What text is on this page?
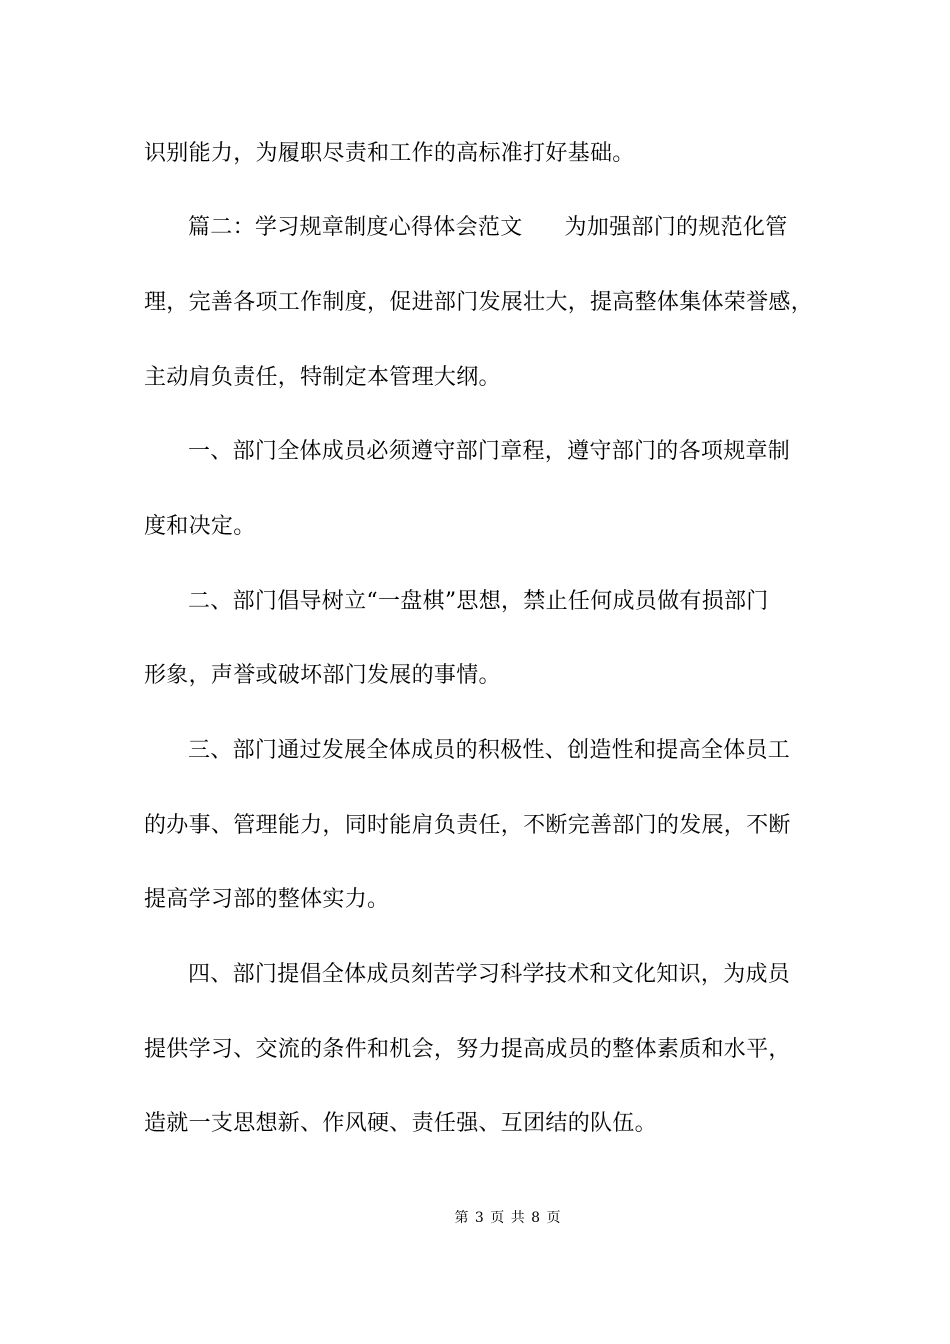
识别能力，为履职尽责和工作的高标准打好基础。
篇二：学习规章制度心得体会范文 为加强部门的规范化管
理，完善各项工作制度，促进部门发展壮大，提高整体集体荣誉感，
主动肩负责任，特制定本管理大纲。
一、部门全体成员必须遵守部门章程，遵守部门的各项规章制
度和决定。
二、部门倡导树立“一盘棋”思想，禁止任何成员做有损部门
形象，声誉或破坏部门发展的事情。
三、部门通过发展全体成员的积极性、创造性和提高全体员工
的办事、管理能力，同时能肩负责任，不断完善部门的发展，不断
提高学习部的整体实力。
四、部门提倡全体成员刻苦学习科学技术和文化知识，为成员
提供学习、交流的条件和机会，努力提高成员的整体素质和水平，
造就一支思想新、作风硬、责任强、互团结的队伍。
第 3 页 共 8 页
